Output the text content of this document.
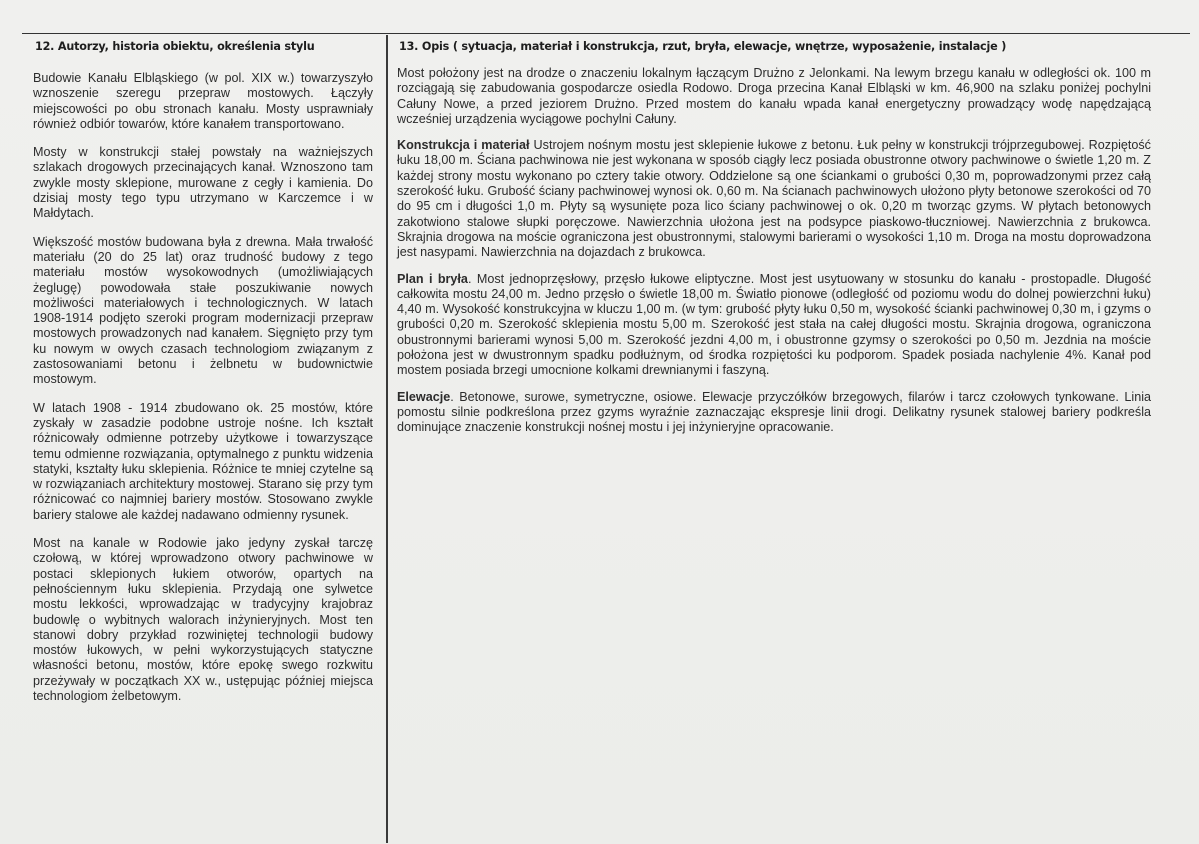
12. Autorzy, historia obiektu, określenia stylu

Budowie Kanału Elbląskiego (w pol. XIX w.) towarzyszyło wznoszenie szeregu przepraw mostowych. Łączyły miejscowości po obu stronach kanału. Mosty usprawniały również odbiór towarów, które kanałem transportowano.

Mosty w konstrukcji stałej powstały na ważniejszych szlakach drogowych przecinających kanał. Wznoszono tam zwykle mosty sklepione, murowane z cegły i kamienia. Do dzisiaj mosty tego typu utrzymano w Karczemce i w Małdytach.

Większość mostów budowana była z drewna. Mała trwałość materiału (20 do 25 lat) oraz trudność budowy z tego materiału mostów wysokowodnych (umożliwiających żeglugę) powodowała stałe poszukiwanie nowych możliwości materiałowych i technologicznych. W latach 1908-1914 podjęto szeroki program modernizacji przepraw mostowych prowadzonych nad kanałem. Sięgnięto przy tym ku nowym w owych czasach technologiom związanym z zastosowaniami betonu i żelbnetu w budownictwie mostowym.

W latach 1908 - 1914 zbudowano ok. 25 mostów, które zyskały w zasadzie podobne ustroje nośne. Ich kształt różnicowały odmienne potrzeby użytkowe i towarzyszące temu odmienne rozwiązania, optymalnego z punktu widzenia statyki, kształty łuku sklepienia. Różnice te mniej czytelne są w rozwiązaniach architektury mostowej. Starano się przy tym różnicować co najmniej bariery mostów. Stosowano zwykle bariery stalowe ale każdej nadawano odmienny rysunek.

Most na kanale w Rodowie jako jedyny zyskał tarczę czołową, w której wprowadzono otwory pachwinowe w postaci sklepionych łukiem otworów, opartych na pełnościennym łuku sklepienia. Przydają one sylwetce mostu lekkości, wprowadzając w tradycyjny krajobraz budowlę o wybitnych walorach inżynieryjnych. Most ten stanowi dobry przykład rozwiniętej technologii budowy mostów łukowych, w pełni wykorzystujących statyczne własności betonu, mostów, które epokę swego rozkwitu przeżywały w początkach XX w., ustępując później miejsca technologiom żelbetowym.

13. Opis ( sytuacja, materiał i konstrukcja, rzut, bryła, elewacje, wnętrze, wyposażenie, instalacje )

Most położony jest na drodze o znaczeniu lokalnym łączącym Drużno z Jelonkami. Na lewym brzegu kanału w odległości ok. 100 m rozciągają się zabudowania gospodarcze osiedla Rodowo. Droga przecina Kanał Elbląski w km. 46,900 na szlaku poniżej pochylni Całuny Nowe, a przed jeziorem Drużno. Przed mostem do kanału wpada kanał energetyczny prowadzący wodę napędzającą wcześniej urządzenia wyciągowe pochylni Całuny.

Konstrukcja i materiał Ustrojem nośnym mostu jest sklepienie łukowe z betonu. Łuk pełny w konstrukcji trójprzegubowej. Rozpiętość łuku 18,00 m. Ściana pachwinowa nie jest wykonana w sposób ciągły lecz posiada obustronne otwory pachwinowe o świetle 1,20 m. Z każdej strony mostu wykonano po cztery takie otwory. Oddzielone są one ściankami o grubości 0,30 m, poprowadzonymi przez całą szerokość łuku. Grubość ściany pachwinowej wynosi ok. 0,60 m. Na ścianach pachwinowych ułożono płyty betonowe szerokości od 70 do 95 cm i długości 1,0 m. Płyty są wysunięte poza lico ściany pachwinowej o ok. 0,20 m tworząc gzyms. W płytach betonowych zakotwiono stalowe słupki poręczowe. Nawierzchnia ułożona jest na podsypce piaskowo-tłuczniowej. Nawierzchnia z brukowca. Skrajnia drogowa na moście ograniczona jest obustronnymi, stalowymi barierami o wysokości 1,10 m. Droga na mostu doprowadzona jest nasypami. Nawierzchnia na dojazdach z brukowca.

Plan i bryła. Most jednoprzęsłowy, przęsło łukowe eliptyczne. Most jest usytuowany w stosunku do kanału - prostopadle. Długość całkowita mostu 24,00 m. Jedno przęsło o świetle 18,00 m. Światło pionowe (odległość od poziomu wodu do dolnej powierzchni łuku) 4,40 m. Wysokość konstrukcyjna w kluczu 1,00 m. (w tym: grubość płyty łuku 0,50 m, wysokość ścianki pachwinowej 0,30 m, i gzyms o grubości 0,20 m. Szerokość sklepienia mostu 5,00 m. Szerokość jest stała na całej długości mostu. Skrajnia drogowa, ograniczona obustronnymi barierami wynosi 5,00 m. Szerokość jezdni 4,00 m, i obustronne gzymsy o szerokości po 0,50 m. Jezdnia na moście położona jest w dwustronnym spadku podłużnym, od środka rozpiętości ku podporom. Spadek posiada nachylenie 4%. Kanał pod mostem posiada brzegi umocnione kolkami drewnianymi i faszyną.

Elewacje. Betonowe, surowe, symetryczne, osiowe. Elewacje przyczółków brzegowych, filarów i tarcz czołowych tynkowane. Linia pomostu silnie podkreślona przez gzyms wyraźnie zaznaczając ekspresje linii drogi. Delikatny rysunek stalowej bariery podkreśla dominujące znaczenie konstrukcji nośnej mostu i jej inżynieryjne opracowanie.
